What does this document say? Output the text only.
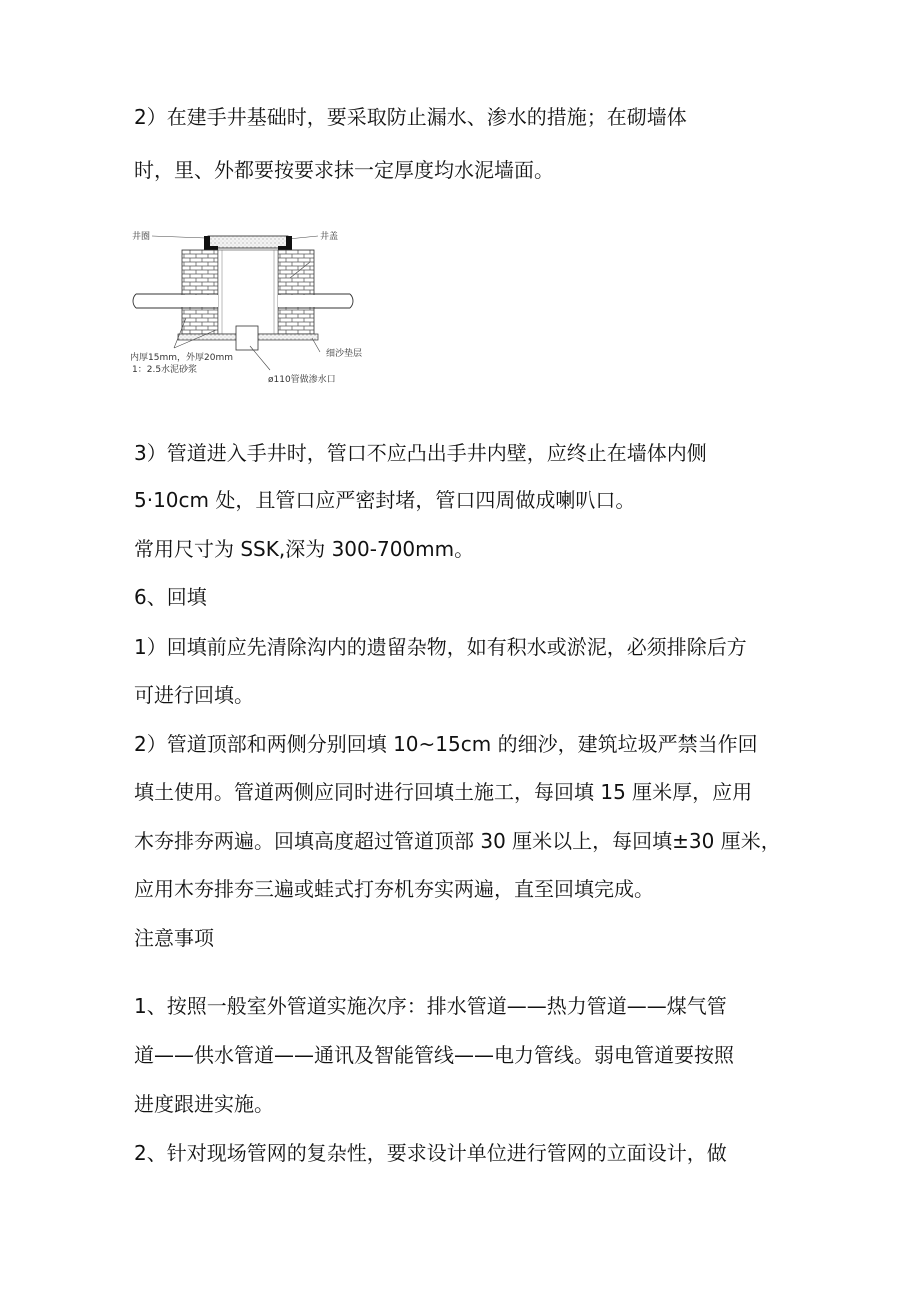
2）在建手井基础时，要采取防止漏水、渗水的措施；在砌墙体
时，里、外都要按要求抹一定厚度均水泥墙面。
井圈	井盖
内厚15mm，外厚20mm
1：2.5水泥砂浆
细沙垫层
ø110管做渗水口
3）管道进入手井时，管口不应凸出手井内壁，应终止在墙体内侧
5·10cm 处，且管口应严密封堵，管口四周做成喇叭口。
常用尺寸为 SSK,深为 300-700mm。
6、回填
1）回填前应先清除沟内的遗留杂物，如有积水或淤泥，必须排除后方
可进行回填。
2）管道顶部和两侧分别回填 10~15cm 的细沙，建筑垃圾严禁当作回
填土使用。管道两侧应同时进行回填土施工，每回填 15 厘米厚，应用
木夯排夯两遍。回填高度超过管道顶部 30 厘米以上，每回填±30 厘米，
应用木夯排夯三遍或蛙式打夯机夯实两遍，直至回填完成。
注意事项
1、按照一般室外管道实施次序：排水管道——热力管道——煤气管
道——供水管道——通讯及智能管线——电力管线。弱电管道要按照
进度跟进实施。
2、针对现场管网的复杂性，要求设计单位进行管网的立面设计，做
